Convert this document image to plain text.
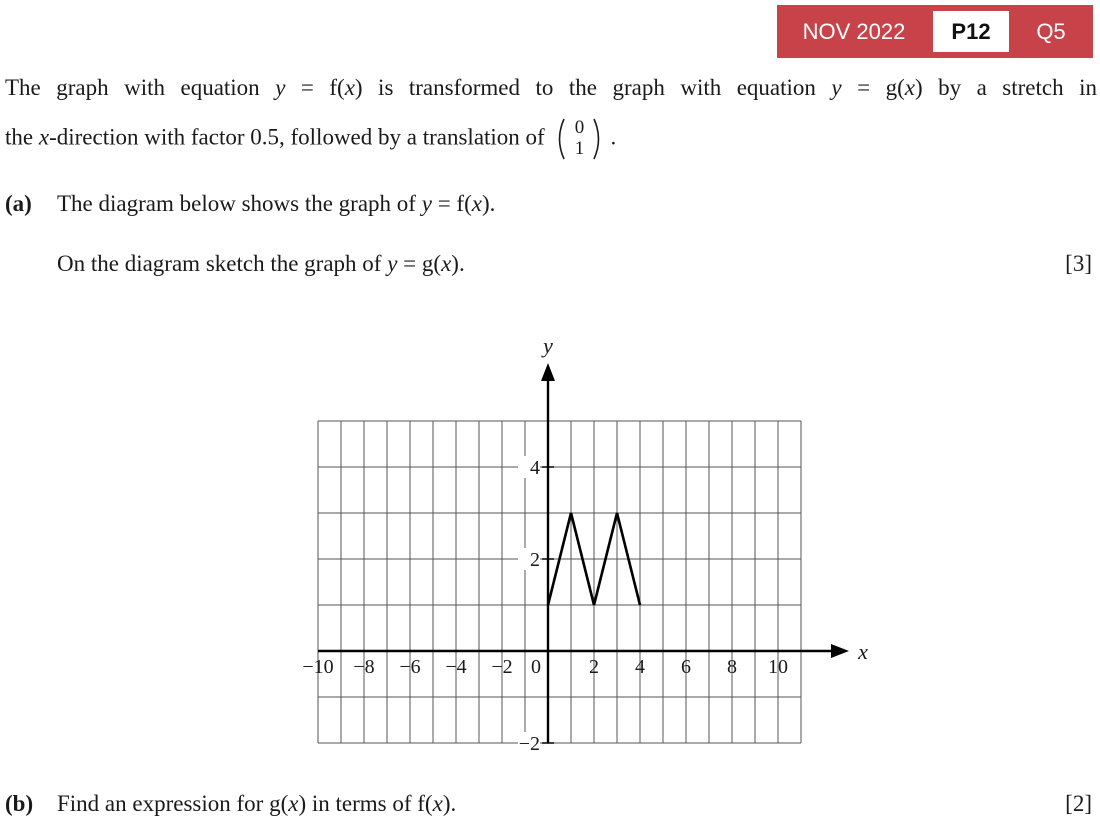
NOV 2022	P12	Q5
The graph with equation y = f(x) is transformed to the graph with equation y = g(x) by a stretch in
the x-direction with factor 0.5, followed by a translation of	0
1	.
(a) The diagram below shows the graph of y = f(x).
On the diagram sketch the graph of y = g(x).	[3]
x
y
−10 −8 −6 −4 −2 0 2 4 6 8 10
4
2
−2
(b) Find an expression for g(x) in terms of f(x).	[2]
